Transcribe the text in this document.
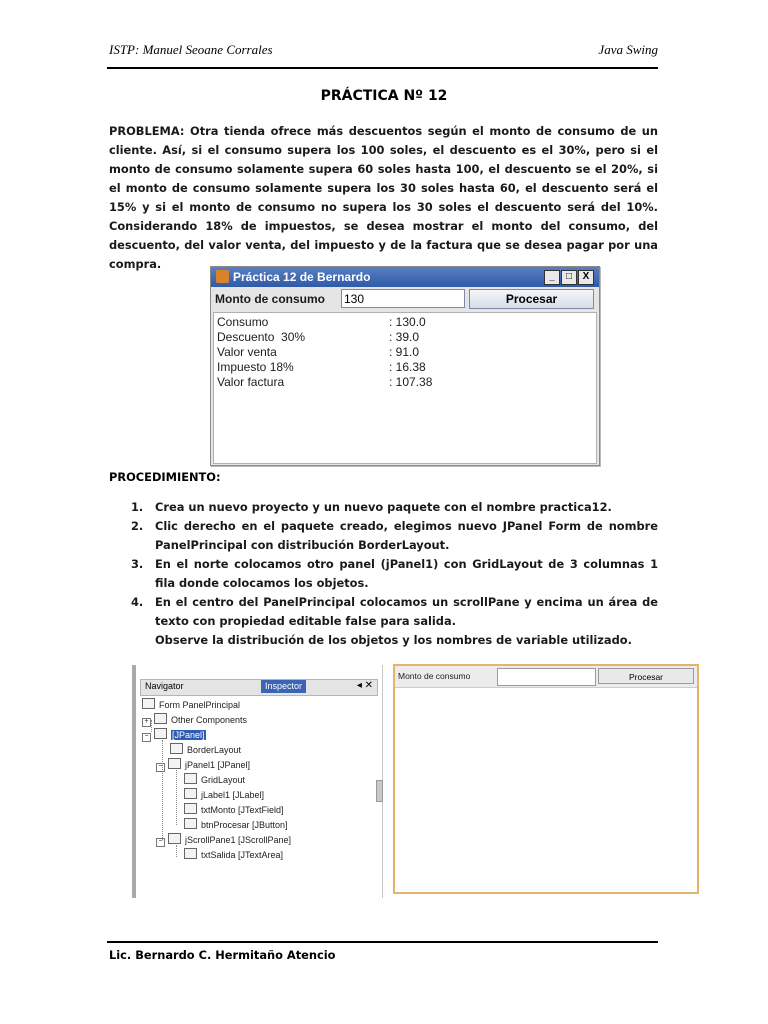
ISTP: Manuel Seoane Corrales	Java Swing
PRÁCTICA Nº 12
PROBLEMA: Otra tienda ofrece más descuentos según el monto de consumo de un cliente. Así, si el consumo supera los 100 soles, el descuento es el 30%, pero si el monto de consumo solamente supera 60 soles hasta 100, el descuento se el 20%, si el monto de consumo solamente supera los 30 soles hasta 60, el descuento será el 15% y si el monto de consumo no supera los 30 soles el descuento será del 10%. Considerando 18% de impuestos, se desea mostrar el monto del consumo, del descuento, del valor venta, del impuesto y de la factura que se desea pagar por una compra.
Práctica 12 de Bernardo	_	□	X
Monto de consumo 130	Procesar
Consumo	: 130.0
Descuento  30%	: 39.0
Valor venta	: 91.0
Impuesto 18%	: 16.38
Valor factura	: 107.38
PROCEDIMIENTO:
1. Crea un nuevo proyecto y un nuevo paquete con el nombre practica12.
2. Clic derecho en el paquete creado, elegimos nuevo JPanel Form de nombre PanelPrincipal con distribución BorderLayout.
3. En el norte colocamos otro panel (jPanel1) con GridLayout de 3 columnas 1 fila donde colocamos los objetos.
4. En el centro del PanelPrincipal colocamos un scrollPane y encima un área de texto con propiedad editable false para salida.
Observe la distribución de los objetos y los nombres de variable utilizado.
Navigator	Inspector	◂ ✕
Form PanelPrincipal
+ Other Components
−	[JPanel]
BorderLayout
− jPanel1 [JPanel]
GridLayout
jLabel1 [JLabel]
txtMonto [JTextField]
btnProcesar [JButton]
− jScrollPane1 [JScrollPane]
txtSalida [JTextArea]
Monto de consumo	Procesar
Lic. Bernardo C. Hermitaño Atencio
